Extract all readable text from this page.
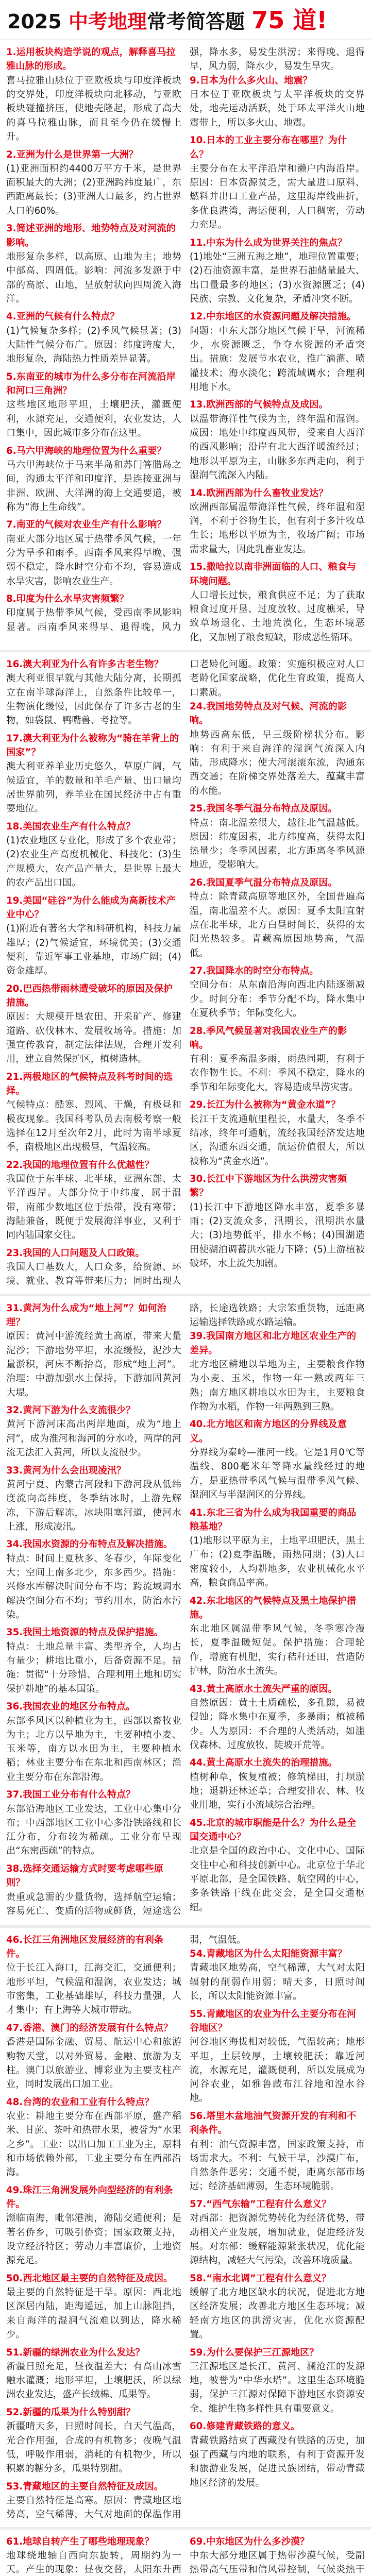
2025 中考地理常考简答题 75 道!
1.运用板块构造学说的观点，解释喜马拉雅山脉的形成。
喜马拉雅山脉位于亚欧板块与印度洋板块的交界处，印度洋板块向北移动，与亚欧板块碰撞挤压，使地壳隆起，形成了高大的喜马拉雅山脉，而且至今仍在缓慢上升。
2.亚洲为什么是世界第一大洲？
(1)亚洲面积约4400万平方千米，是世界面积最大的大洲；(2)亚洲跨纬度最广，东西距离最长；(3)亚洲人口最多，约占世界人口的60%。
3.简述亚洲的地形、地势特点及对河流的影响。
地形复杂多样，以高原、山地为主；地势中部高、四周低。影响：河流多发源于中部的高原、山地，呈放射状向四周流入海洋。
4.亚洲的气候有什么特点？
(1)气候复杂多样；(2)季风气候显著；(3)大陆性气候分布广。原因：纬度跨度大，地形复杂，海陆热力性质差异显著。
5.东南亚的城市为什么多分布在河流沿岸和河口三角洲？
这些地区地形平坦，土壤肥沃，灌溉便利，水源充足，交通便利，农业发达，人口集中，因此城市多分布在这里。
6.马六甲海峡的地理位置为什么重要？
马六甲海峡位于马来半岛和苏门答腊岛之间，沟通太平洋和印度洋，是连接亚洲与非洲、欧洲、大洋洲的海上交通要道，被称为“海上生命线”。
7.南亚的气候对农业生产有什么影响？
南亚大部分地区属于热带季风气候，一年分为旱季和雨季。西南季风来得早晚、强弱不稳定，降水时空分布不均，容易造成水旱灾害，影响农业生产。
8.印度为什么水旱灾害频繁？
印度属于热带季风气候，受西南季风影响显著。西南季风来得早、退得晚，风力强，降水多，易发生洪涝；来得晚、退得早，风力弱，降水少，易发生旱灾。
9.日本为什么多火山、地震？
日本位于亚欧板块与太平洋板块的交界处，地壳运动活跃，处于环太平洋火山地震带上，所以多火山、地震。
10.日本的工业主要分布在哪里？为什么？
主要分布在太平洋沿岸和濑户内海沿岸。原因：日本资源贫乏，需大量进口原料、燃料并出口工业产品，这里海岸线曲折，多优良港湾，海运便利，人口稠密，劳动力充足。
11.中东为什么成为世界关注的焦点？
(1)地处“三洲五海之地”，地理位置重要；(2)石油资源丰富，是世界石油储量最大、出口量最多的地区；(3)水资源匮乏；(4)民族、宗教、文化复杂，矛盾冲突不断。
12.中东地区的水资源问题及解决措施。
问题：中东大部分地区气候干旱，河流稀少，水资源匮乏，争夺水资源的矛盾突出。措施：发展节水农业，推广滴灌、喷灌技术；海水淡化；跨流域调水；合理利用地下水。
13.欧洲西部的气候特点及成因。
以温带海洋性气候为主，终年温和湿润。成因：地处中纬度西风带，受来自大西洋的西风影响；沿岸有北大西洋暖流经过；地形以平原为主，山脉多东西走向，利于湿润气流深入内陆。
14.欧洲西部为什么畜牧业发达？
欧洲西部属温带海洋性气候，终年温和湿润，不利于谷物生长，但有利于多汁牧草生长；地形以平原为主，牧场广阔；市场需求量大，因此乳畜业发达。
15.撒哈拉以南非洲面临的人口、粮食与环境问题。
人口增长过快，粮食供应不足；为了获取粮食过度开垦、过度放牧、过度樵采，导致草场退化、土地荒漠化，生态环境恶化，又加剧了粮食短缺，形成恶性循环。
16.澳大利亚为什么有许多古老生物？
澳大利亚很早就与其他大陆分离，长期孤立在南半球海洋上，自然条件比较单一，生物演化缓慢，因此保存了许多古老的生物，如袋鼠、鸭嘴兽、考拉等。
17.澳大利亚为什么被称为“骑在羊背上的国家”？
澳大利亚养羊业历史悠久，草原广阔，气候适宜，羊的数量和羊毛产量、出口量均居世界前列，养羊业在国民经济中占有重要地位。
18.美国农业生产有什么特点？
(1)农业地区专业化，形成了多个农业带；(2)农业生产高度机械化、科技化；(3)生产规模大，农产品产量大，是世界上最大的农产品出口国。
19.美国“硅谷”为什么能成为高新技术产业中心？
(1)附近有著名大学和科研机构，科技力量雄厚；(2)气候适宜，环境优美；(3)交通便利，靠近军事工业基地，市场广阔；(4)资金雄厚。
20.巴西热带雨林遭受破坏的原因及保护措施。
原因：大规模开垦农田、开采矿产、修建道路、砍伐林木、发展牧场等。措施：加强宣传教育，制定法律法规，合理开发利用，建立自然保护区，植树造林。
21.两极地区的气候特点及科考时间的选择。
气候特点：酷寒、烈风、干燥，有极昼和极夜现象。我国科考队员去南极考察一般选择在12月至次年2月，此时为南半球夏季，南极地区出现极昼，气温较高。
22.我国的地理位置有什么优越性？
我国位于东半球、北半球，亚洲东部、太平洋西岸。大部分位于中纬度，属于温带，南部少数地区位于热带，没有寒带；海陆兼备，既便于发展海洋事业，又利于同内陆国家交往。
23.我国的人口问题及人口政策。
我国人口基数大，人口众多，给资源、环境、就业、教育等带来压力；同时出现人口老龄化问题。政策：实施积极应对人口老龄化国家战略，优化生育政策，提高人口素质。
24.我国地势特点及对气候、河流的影响。
地势西高东低，呈三级阶梯状分布。影响：有利于来自海洋的湿润气流深入内陆，形成降水；使大河滚滚东流，沟通东西交通；在阶梯交界处落差大，蕴藏丰富的水能。
25.我国冬季气温分布特点及原因。
特点：南北温差很大，越往北气温越低。原因：纬度因素，北方纬度高，获得太阳热量少；冬季风因素，北方距离冬季风源地近，受影响大。
26.我国夏季气温分布特点及原因。
特点：除青藏高原等地区外，全国普遍高温，南北温差不大。原因：夏季太阳直射点在北半球，北方白昼时间长，获得的太阳光热较多。青藏高原因地势高，气温低。
27.我国降水的时空分布特点。
空间分布：从东南沿海向西北内陆逐渐减少。时间分布：季节分配不均，降水集中在夏秋季节；年际变化大。
28.季风气候显著对我国农业生产的影响。
有利：夏季高温多雨，雨热同期，有利于农作物生长。不利：季风不稳定，降水的季节和年际变化大，容易造成旱涝灾害。
29.长江为什么被称为“黄金水道”？
长江干支流通航里程长，水量大，冬季不结冰，终年可通航，流经我国经济发达地区，沟通东西交通，航运价值很大，所以被称为“黄金水道”。
30.长江中下游地区为什么洪涝灾害频繁？
(1)长江中下游地区降水丰富，夏季多暴雨；(2)支流众多，汛期长，汛期洪水量大；(3)地势低平，排水不畅；(4)围湖造田使湖泊调蓄洪水能力下降；(5)上游植被破坏，水土流失加剧。
31.黄河为什么成为“地上河”？如何治理？
原因：黄河中游流经黄土高原，带来大量泥沙；下游地势平坦，水流缓慢，泥沙大量淤积，河床不断抬高，形成“地上河”。治理：中游加强水土保持，下游加固黄河大堤。
32.黄河下游为什么支流很少？
黄河下游河床高出两岸地面，成为“地上河”，成为淮河和海河的分水岭，两岸的河流无法汇入黄河，所以支流很少。
33.黄河为什么会出现凌汛？
黄河宁夏、内蒙古河段和下游河段从低纬度流向高纬度，冬季结冰时，上游先解冻，下游后解冻，冰块阻塞河道，使河水上涨，形成凌汛。
34.我国水资源的分布特点及解决措施。
特点：时间上夏秋多、冬春少，年际变化大；空间上南多北少，东多西少。措施：兴修水库解决时间分布不均；跨流域调水解决空间分布不均；节约用水，防治水污染。
35.我国土地资源的特点及保护措施。
特点：土地总量丰富、类型齐全，人均占有量少；耕地比重小，后备资源不足。措施：贯彻“十分珍惜、合理利用土地和切实保护耕地”的基本国策。
36.我国农业的地区分布特点。
东部季风区以种植业为主，西部以畜牧业为主；北方以旱地为主，主要种植小麦、玉米等，南方以水田为主，主要种植水稻；林业主要分布在东北和西南林区；渔业主要分布在东部沿海。
37.我国工业分布有什么特点？
东部沿海地区工业发达，工业中心集中分布；中西部地区工业中心多沿铁路线和长江分布，分布较为稀疏。工业分布呈现出“东密西疏”的特点。
38.选择交通运输方式时要考虑哪些原则？
贵重或急需的少量货物，选择航空运输；容易死亡、变质的活物或鲜货，短途选公路，长途选铁路；大宗笨重货物，远距离运输选择铁路或水路运输。
39.我国南方地区和北方地区农业生产的差异。
北方地区耕地以旱地为主，主要粮食作物为小麦、玉米，作物一年一熟或两年三熟；南方地区耕地以水田为主，主要粮食作物为水稻，作物一年两熟到三熟。
40.北方地区和南方地区的分界线及意义。
分界线为秦岭—淮河一线。它是1月0℃等温线、800毫米年等降水量线经过的地方，是亚热带季风气候与温带季风气候、湿润区与半湿润区的分界线。
41.东北三省为什么成为我国重要的商品粮基地？
(1)地形以平原为主，土地平坦肥沃，黑土广布；(2)夏季温暖，雨热同期；(3)人口密度较小，人均耕地多，农业机械化水平高，粮食商品率高。
42.东北地区的气候特点及黑土地保护措施。
东北地区属温带季风气候，冬季寒冷漫长，夏季温暖短促。保护措施：合理轮作，增施有机肥，实行秸秆还田，营造防护林，防治水土流失。
43.黄土高原水土流失严重的原因。
自然原因：黄土土质疏松，多孔隙，易被侵蚀；降水集中在夏季，多暴雨；植被稀少。人为原因：不合理的人类活动，如滥伐森林、过度放牧、陡坡开荒等。
44.黄土高原水土流失的治理措施。
植树种草，恢复植被；修筑梯田，打坝淤地；退耕还林还草；合理安排农、林、牧业用地，实行小流域综合治理。
45.北京的城市职能是什么？为什么是全国交通中心？
北京是全国的政治中心、文化中心、国际交往中心和科技创新中心。北京位于华北平原北部，是全国铁路、航空网的中心，多条铁路干线在此交会，是全国交通枢纽。
46.长江三角洲地区发展经济的有利条件。
位于长江入海口，江海交汇，交通便利；地形平坦，气候温和湿润，农业发达；城市密集，工业基础雄厚，科技力量强，人才集中；有上海等大城市带动。
47.香港、澳门的经济发展有什么特点？
香港是国际金融、贸易、航运中心和旅游购物天堂，以对外贸易、金融、旅游为支柱。澳门以旅游业、博彩业为主要支柱产业，同时发展出口加工业。
48.台湾的农业和工业有什么特点？
农业：耕地主要分布在西部平原，盛产稻米、甘蔗、茶叶和热带水果，被誉为“水果之乡”。工业：以出口加工工业为主，原料和市场依赖外部，工业主要分布在西部沿海。
49.珠江三角洲发展外向型经济的有利条件。
濒临南海，毗邻港澳，海陆交通便利；是著名侨乡，可吸引侨资；国家政策支持，设立经济特区；劳动力丰富廉价，土地资源充足。
50.西北地区最主要的自然特征及成因。
最主要的自然特征是干旱。原因：西北地区深居内陆，距海遥远，加上山脉阻挡，来自海洋的湿润气流难以到达，降水稀少。
51.新疆的绿洲农业为什么发达？
新疆日照充足，昼夜温差大；有高山冰雪融水灌溉；地形平坦，土壤肥沃，所以绿洲农业发达，盛产长绒棉、瓜果等。
52.新疆的瓜果为什么特别甜？
新疆晴天多，日照时间长，白天气温高，光合作用强，合成的有机物多；夜晚气温低，呼吸作用弱，消耗的有机物少，所以积累的糖分多，瓜果特别甜。
53.青藏地区的主要自然特征及成因。
主要自然特征是高寒。原因：青藏地区地势高，空气稀薄，大气对地面的保温作用弱，气温低。
54.青藏地区为什么太阳能资源丰富？
青藏地区地势高，空气稀薄，大气对太阳辐射的削弱作用弱；晴天多，日照时间长，所以太阳能资源丰富。
55.青藏地区的农业为什么主要分布在河谷地区？
河谷地区海拔相对较低，气温较高；地形平坦，土层较厚，土壤较肥沃；靠近河流，水源充足，灌溉便利，所以发展成为河谷农业，如雅鲁藏布江谷地和湟水谷地。
56.塔里木盆地油气资源开发的有利和不利条件。
有利：油气资源丰富，国家政策支持，市场需求大。不利：气候干旱，沙漠广布，自然条件恶劣；交通不便，距离东部市场远；经济基础薄弱，生态环境脆弱。
57.“西气东输”工程有什么意义？
对西部：把资源优势转化为经济优势，带动相关产业发展，增加就业，促进经济发展。对东部：缓解能源紧张状况，优化能源结构，减轻大气污染，改善环境质量。
58.“南水北调”工程有什么意义？
缓解了北方地区缺水的状况，促进北方地区经济发展；改善北方地区生态环境；减轻南方地区的洪涝灾害，优化水资源配置。
59.为什么要保护三江源地区？
三江源地区是长江、黄河、澜沧江的发源地，被誉为“中华水塔”。这里生态环境脆弱，保护三江源对保障下游地区水资源安全、维护生物多样性具有重要意义。
60.修建青藏铁路的意义。
青藏铁路结束了西藏没有铁路的历史，加强了西藏与内地的联系，有利于资源开发和旅游业发展，促进民族团结，带动青藏地区经济的发展。
61.地球自转产生了哪些地理现象？
地球绕地轴自西向东旋转，周期约为一天。产生的现象：昼夜交替，太阳东升西
69.中东地区为什么多沙漠？
中东大部分地区属于热带沙漠气候，受副热带高气压带和信风带控制，气候炎热干
